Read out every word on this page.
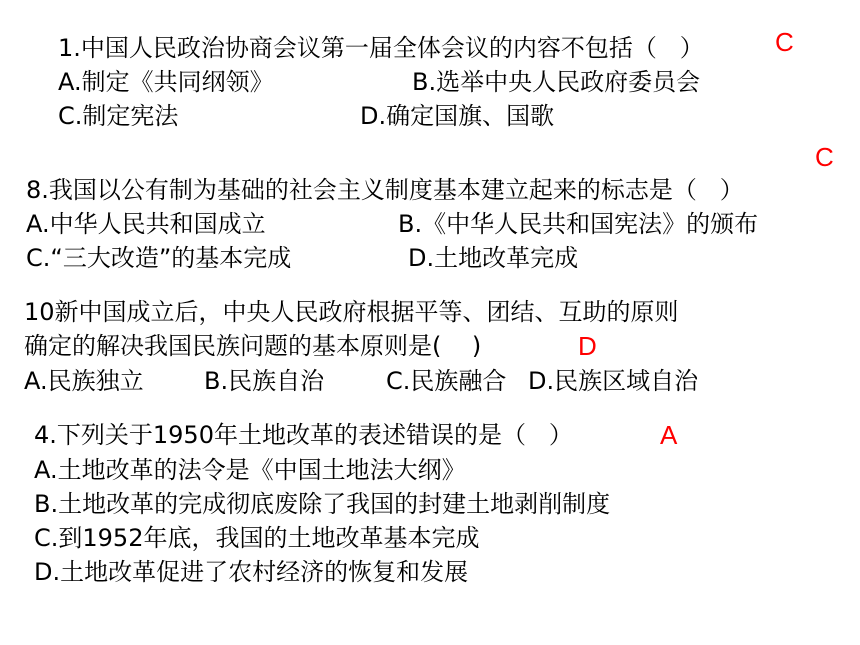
1.中国人民政治协商会议第一届全体会议的内容不包括（   ）	C
A.制定《共同纲领》	B.选举中央人民政府委员会
C.制定宪法	D.确定国旗、国歌
C
8.我国以公有制为基础的社会主义制度基本建立起来的标志是（   ）
A.中华人民共和国成立	B.《中华人民共和国宪法》的颁布
C.“三大改造”的基本完成	D.土地改革完成
10新中国成立后，中央人民政府根据平等、团结、互助的原则
确定的解决我国民族问题的基本原则是(    )	D
A.民族独立	B.民族自治	C.民族融合 D.民族区域自治
4.下列关于1950年土地改革的表述错误的是（   ）	A
A.土地改革的法令是《中国土地法大纲》
B.土地改革的完成彻底废除了我国的封建土地剥削制度
C.到1952年底，我国的土地改革基本完成
D.土地改革促进了农村经济的恢复和发展
